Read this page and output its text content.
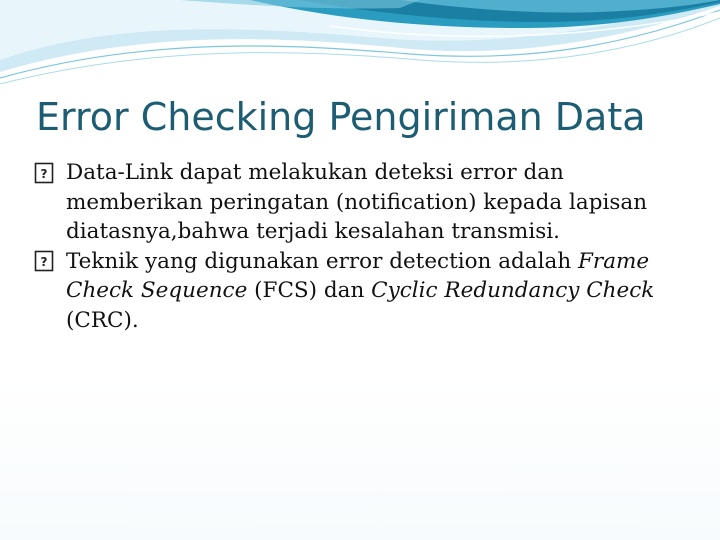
Error Checking Pengiriman Data
? Data-Link dapat melakukan deteksi error dan memberikan peringatan (notification) kepada lapisan diatasnya,bahwa terjadi kesalahan transmisi.
? Teknik yang digunakan error detection adalah Frame Check Sequence (FCS) dan Cyclic Redundancy Check (CRC).
